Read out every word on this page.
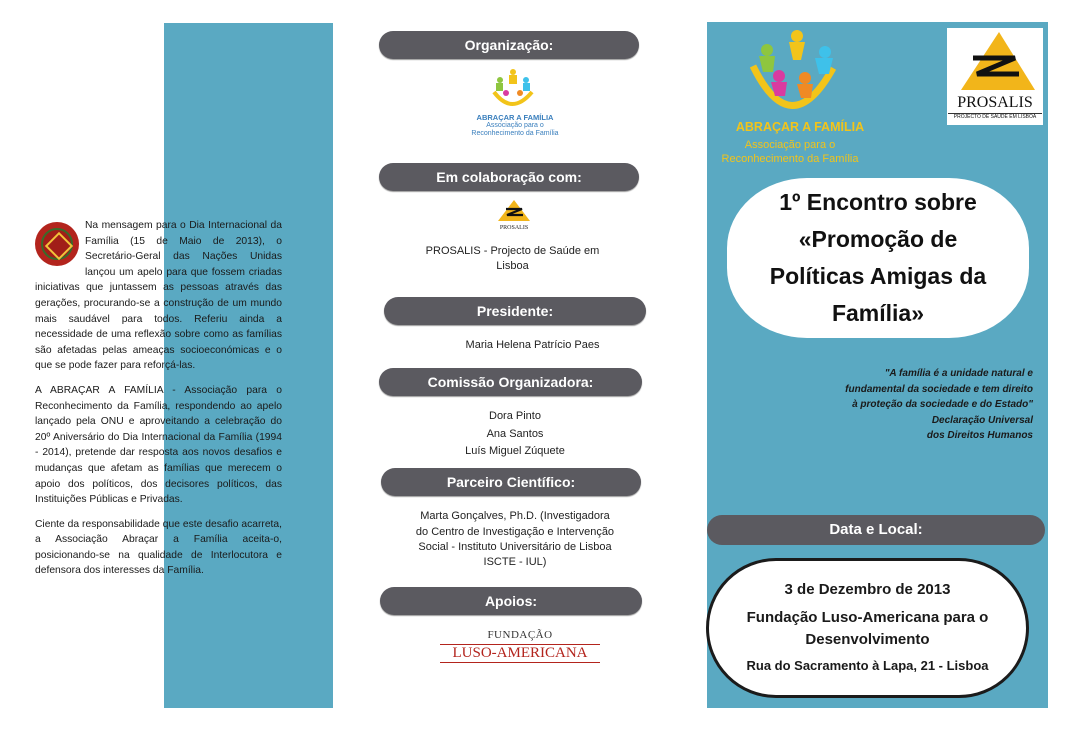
Na mensagem para o Dia Internacional da Família (15 de Maio de 2013), o Secretário-Geral das Nações Unidas lançou um apelo para que fossem criadas iniciativas que juntassem as pessoas através das gerações, procurando-se a construção de um mundo mais saudável para todos. Referiu ainda a necessidade de uma reflexão sobre como as famílias são afetadas pelas ameaças socioeconómicas e o que se pode fazer para reforçá-las.

A ABRAÇAR A FAMÍLIA - Associação para o Reconhecimento da Família, respondendo ao apelo lançado pela ONU e aproveitando a celebração do 20º Aniversário do Dia Internacional da Família (1994 - 2014), pretende dar resposta aos novos desafios e mudanças que afetam as famílias que merecem o apoio dos políticos, dos decisores políticos, das Instituições Públicas e Privadas.

Ciente da responsabilidade que este desafio acarreta, a Associação Abraçar a Família aceita-o, posicionando-se na qualidade de Interlocutora e defensora dos interesses da Família.

Organização:
ABRAÇAR A FAMÍLIA
Associação para o
Reconhecimento da Família
Em colaboração com:
PROSALIS
PROSALIS - Projecto de Saúde em
Lisboa
Presidente:
Maria Helena Patrício Paes
Comissão Organizadora:
Dora Pinto
Ana Santos
Luís Miguel Zúquete
Parceiro Científico:
Marta Gonçalves, Ph.D. (Investigadora
do Centro de Investigação e Intervenção
Social - Instituto Universitário de Lisboa
ISCTE - IUL)
Apoios:
FUNDAÇÃO
LUSO-AMERICANA
ABRAÇAR A FAMÍLIA
Associação para o
Reconhecimento da Família
PROSALIS
PROJECTO DE SAÚDE EM LISBOA
1º Encontro sobre
«Promoção de
Políticas Amigas da
Família»
"A família é a unidade natural e
fundamental da sociedade e tem direito
à proteção da sociedade e do Estado"
Declaração Universal
dos Direitos Humanos
Data e Local:
3 de Dezembro de 2013
Fundação Luso-Americana para o
Desenvolvimento
Rua do Sacramento à Lapa, 21 - Lisboa
